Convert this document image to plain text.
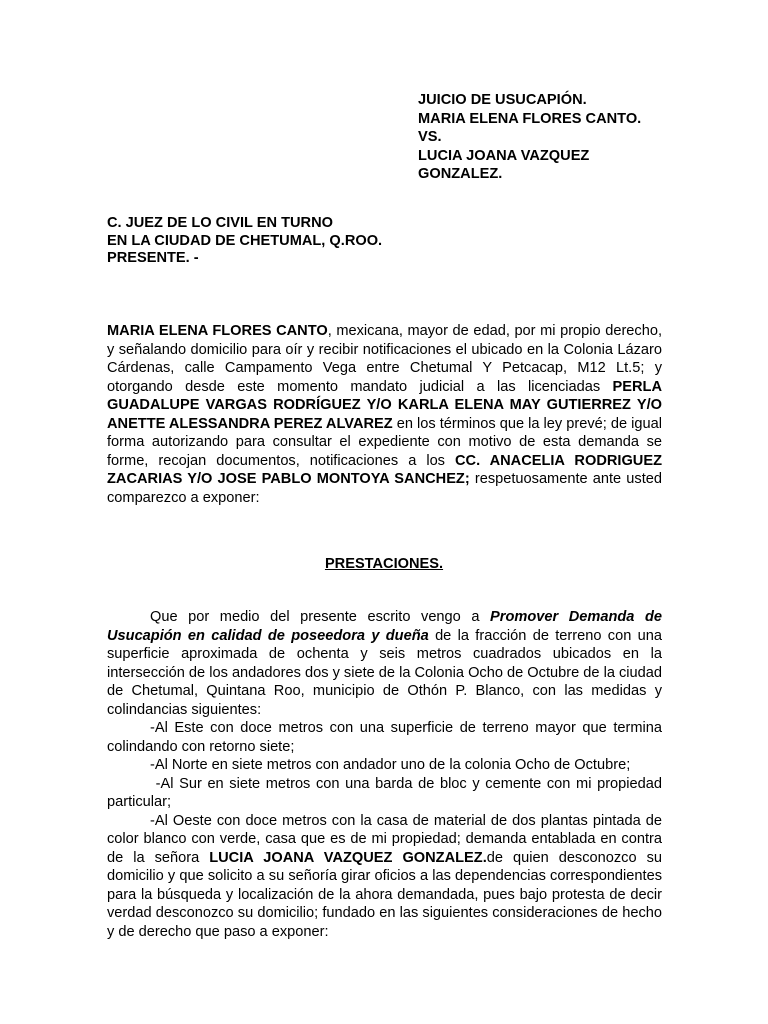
JUICIO DE USUCAPIÓN.
MARIA ELENA FLORES CANTO.
VS.
LUCIA JOANA VAZQUEZ
GONZALEZ.
C. JUEZ DE LO CIVIL EN TURNO
EN LA CIUDAD DE CHETUMAL, Q.ROO.
PRESENTE. -

MARIA ELENA FLORES CANTO, mexicana, mayor de edad, por mi propio derecho, y señalando domicilio para oír y recibir notificaciones el ubicado en la Colonia Lázaro Cárdenas, calle Campamento Vega entre Chetumal Y Petcacap, M12 Lt.5; y otorgando desde este momento mandato judicial a las licenciadas PERLA GUADALUPE VARGAS RODRÍGUEZ Y/O KARLA ELENA MAY GUTIERREZ Y/O ANETTE ALESSANDRA PEREZ ALVAREZ en los términos que la ley prevé; de igual forma autorizando para consultar el expediente con motivo de esta demanda se forme, recojan documentos, notificaciones a los CC. ANACELIA RODRIGUEZ ZACARIAS Y/O JOSE PABLO MONTOYA SANCHEZ; respetuosamente ante usted comparezco a exponer:

PRESTACIONES.

Que por medio del presente escrito vengo a Promover Demanda de Usucapión en calidad de poseedora y dueña de la fracción de terreno con una superficie aproximada de ochenta y seis metros cuadrados ubicados en la intersección de los andadores dos y siete de la Colonia Ocho de Octubre de la ciudad de Chetumal, Quintana Roo, municipio de Othón P. Blanco, con las medidas y colindancias siguientes:

-Al Este con doce metros con una superficie de terreno mayor que termina colindando con retorno siete;

-Al Norte en siete metros con andador uno de la colonia Ocho de Octubre;

-Al Sur en siete metros con una barda de bloc y cemente con mi propiedad particular;

-Al Oeste con doce metros con la casa de material de dos plantas pintada de color blanco con verde, casa que es de mi propiedad; demanda entablada en contra de la señora LUCIA JOANA VAZQUEZ GONZALEZ.de quien desconozco su domicilio y que solicito a su señoría girar oficios a las dependencias correspondientes para la búsqueda y localización de la ahora demandada, pues bajo protesta de decir verdad desconozco su domicilio; fundado en las siguientes consideraciones de hecho y de derecho que paso a exponer:
